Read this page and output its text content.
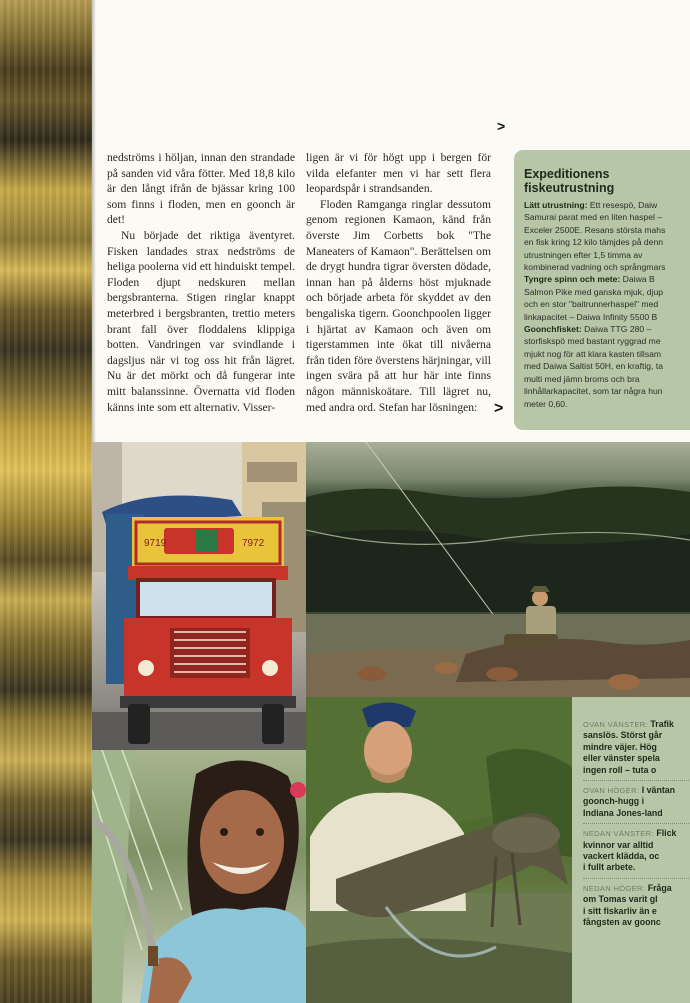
nedströms i höljan, innan den strandade på sanden vid våra fötter. Med 18,8 kilo är den långt ifrån de bjässar kring 100 som finns i floden, men en goonch är det!

Nu började det riktiga äventyret. Fisken landades strax nedströms de heliga poolerna vid ett hinduiskt tempel. Floden djupt nedskuren mellan bergsbranterna. Stigen ringlar knappt meterbred i bergsbranten, trettio meters brant fall över floddalens klippiga botten. Vandringen var svindlande i dagsljus när vi tog oss hit från lägret. Nu är det mörkt och då fungerar inte mitt balanssinne. Övernatta vid floden känns inte som ett alternativ. Visser-

ligen är vi för högt upp i bergen för vilda elefanter men vi har sett flera leopardspår i strandsanden.

Floden Ramganga ringlar dessutom genom regionen Kamaon, känd från överste Jim Corbetts bok "The Maneaters of Kamaon". Berättelsen om de drygt hundra tigrar översten dödade, innan han på ålderns höst mjuknade och började arbeta för skyddet av den bengaliska tigern. Goonchpoolen ligger i hjärtat av Kamaon och även om tigerstammen inte ökat till nivåerna från tiden före överstens härjningar, vill ingen svära på att hur här inte finns någon människoätare. Till lägret nu, med andra ord. Stefan har lösningen:	>
>
Expeditionens
fiskeutrustning
Lätt utrustning: Ett resespö, Daiw
Samurai parat med en liten haspel –
Exceler 2500E. Resans största mahs
en fisk kring 12 kilo tämjdes på denn
utrustningen efter 1,5 timma av
kombinerad vadning och språngmars
Tyngre spinn och mete: Daiwa B
Salmon Pike med ganska mjuk, djup
och en stor "baitrunnerhaspel" med
linkapacitet – Daiwa Infinity 5500 B
Goonchfisket: Daiwa TTG 280 –
storfiskspö med bastant ryggrad me
mjukt nog för att klara kasten tillsam
med Daiwa Saltist 50H, en kraftig, ta
multi med jämn broms och bra
linhållarkapacitet, som tar några hun
meter 0,60.
9719	7972
OVAN VÄNSTER: Trafik
sanslös. Störst går
mindre väjer. Hög
eller vänster spela
ingen roll – tuta o
OVAN HÖGER: I väntan
goonch-hugg i
Indiana Jones-land
NEDAN VÄNSTER: Flick
kvinnor var alltid
vackert klädda, oc
i fullt arbete.
NEDAN HÖGER: Fråga
om Tomas varit gl
i sitt fiskarliv än e
fångsten av goonc
